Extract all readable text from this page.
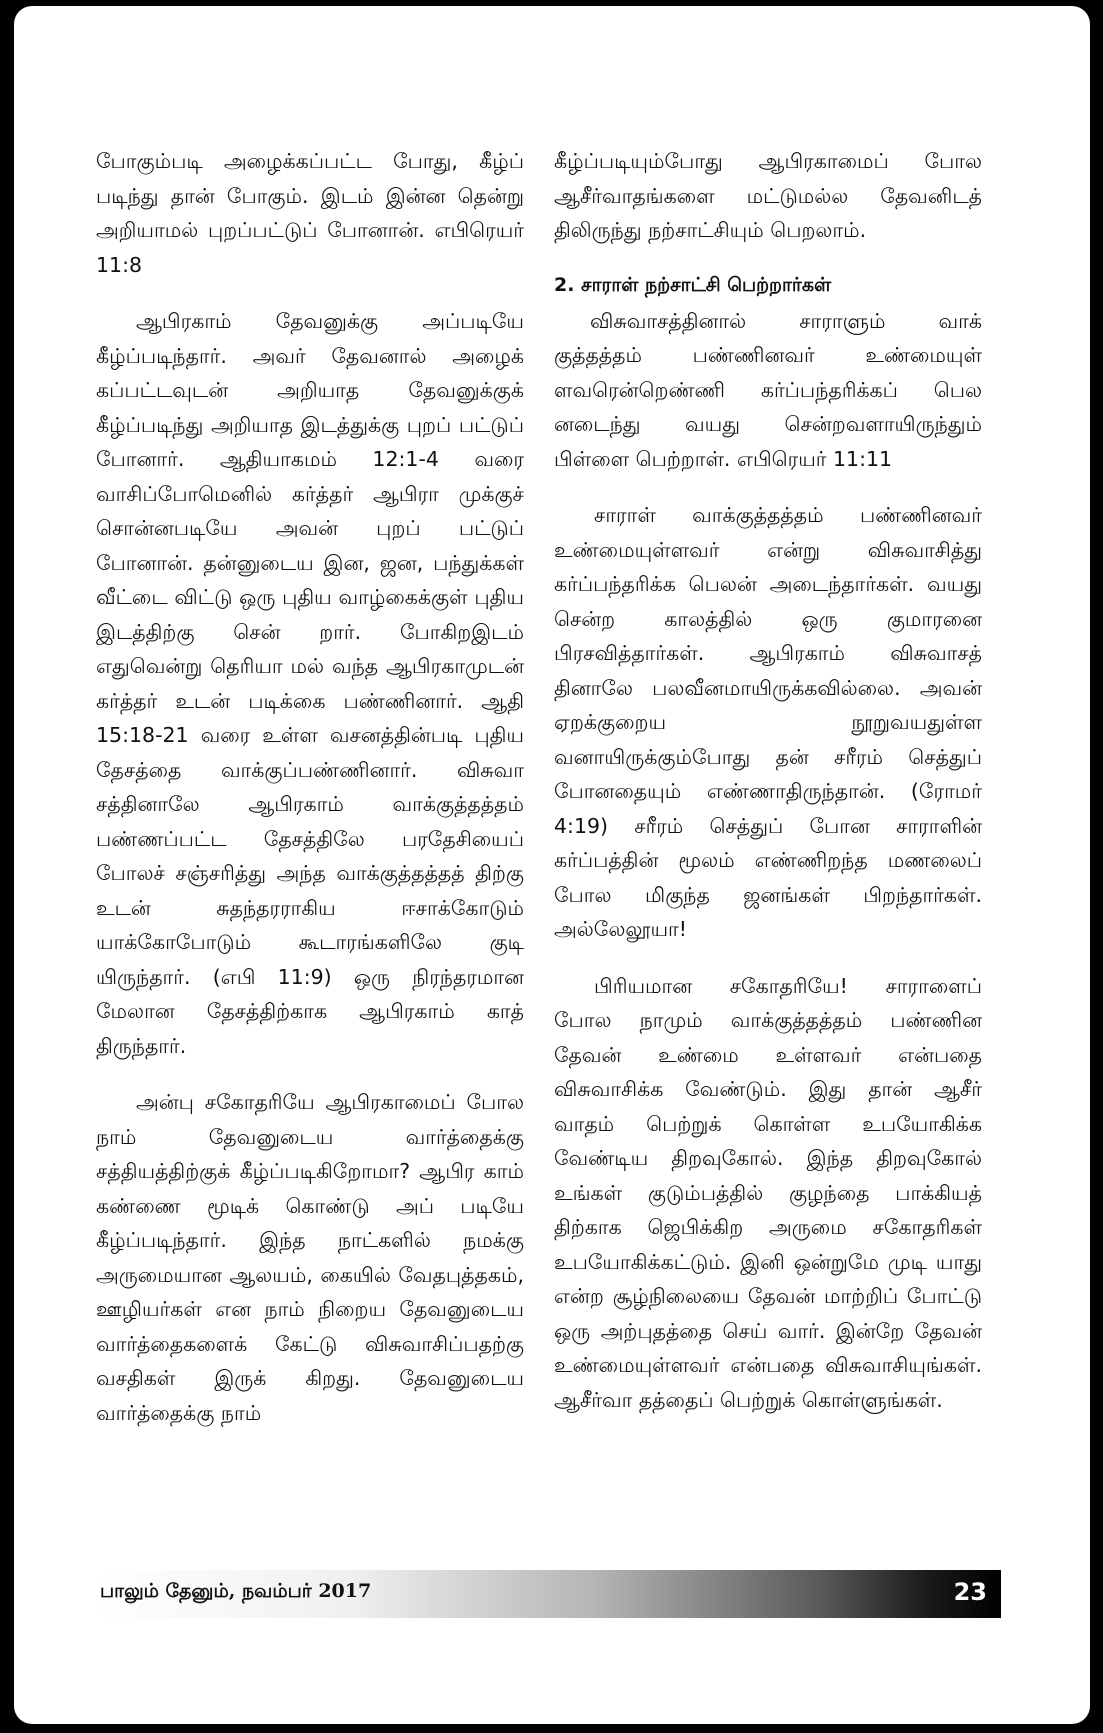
போகும்படி அழைக்கப்பட்ட போது, கீழ்ப் படிந்து தான் போகும். இடம் இன்ன தென்று அறியாமல் புறப்பட்டுப் போனான். எபிரெயர் 11:8

ஆபிரகாம் தேவனுக்கு அப்படியே கீழ்ப்படிந்தார். அவர் தேவனால் அழைக் கப்பட்டவுடன் அறியாத தேவனுக்குக் கீழ்ப்படிந்து அறியாத இடத்துக்கு புறப் பட்டுப் போனார். ஆதியாகமம் 12:1-4 வரை வாசிப்போமெனில் கர்த்தர் ஆபிரா முக்குச் சொன்னபடியே அவன் புறப் பட்டுப் போனான். தன்னுடைய இன, ஜன, பந்துக்கள் வீட்டை விட்டு ஒரு புதிய வாழ்கைக்குள் புதிய இடத்திற்கு சென் றார். போகிறஇடம் எதுவென்று தெரியா மல் வந்த ஆபிரகாமுடன் கர்த்தர் உடன் படிக்கை பண்ணினார். ஆதி 15:18-21 வரை உள்ள வசனத்தின்படி புதிய தேசத்தை வாக்குப்பண்ணினார். விசுவா சத்தினாலே ஆபிரகாம் வாக்குத்தத்தம் பண்ணப்பட்ட தேசத்திலே பரதேசியைப் போலச் சஞ்சரித்து அந்த வாக்குத்தத்தத் திற்கு உடன் சுதந்தரராகிய ஈசாக்கோடும் யாக்கோபோடும் கூடாரங்களிலே குடி யிருந்தார். (எபி 11:9) ஒரு நிரந்தரமான மேலான தேசத்திற்காக ஆபிரகாம் காத் திருந்தார்.

அன்பு சகோதரியே ஆபிரகாமைப் போல நாம் தேவனுடைய வார்த்தைக்கு சத்தியத்திற்குக் கீழ்ப்படிகிறோமா? ஆபிர காம் கண்ணை மூடிக் கொண்டு அப் படியே கீழ்ப்படிந்தார். இந்த நாட்களில் நமக்கு அருமையான ஆலயம், கையில் வேதபுத்தகம், ஊழியர்கள் என நாம் நிறைய தேவனுடைய வார்த்தைகளைக் கேட்டு விசுவாசிப்பதற்கு வசதிகள் இருக் கிறது. தேவனுடைய வார்த்தைக்கு நாம்

கீழ்ப்படியும்போது ஆபிரகாமைப் போல ஆசீர்வாதங்களை மட்டுமல்ல தேவனிடத் திலிருந்து நற்சாட்சியும் பெறலாம்.

2. சாராள் நற்சாட்சி பெற்றார்கள்

விசுவாசத்தினால் சாராளும் வாக் குத்தத்தம் பண்ணினவர் உண்மையுள் ளவரென்றெண்ணி கர்ப்பந்தரிக்கப் பெல னடைந்து வயது சென்றவளாயிருந்தும் பிள்ளை பெற்றாள். எபிரெயர் 11:11

சாராள் வாக்குத்தத்தம் பண்ணினவர் உண்மையுள்ளவர் என்று விசுவாசித்து கர்ப்பந்தரிக்க பெலன் அடைந்தார்கள். வயது சென்ற காலத்தில் ஒரு குமாரனை பிரசவித்தார்கள். ஆபிரகாம் விசுவாசத் தினாலே பலவீனமாயிருக்கவில்லை. அவன் ஏறக்குறைய நூறுவயதுள்ள வனாயிருக்கும்போது தன் சரீரம் செத்துப் போனதையும் எண்ணாதிருந்தான். (ரோமர் 4:19) சரீரம் செத்துப் போன சாராளின் கர்ப்பத்தின் மூலம் எண்ணிறந்த மணலைப் போல மிகுந்த ஜனங்கள் பிறந்தார்கள். அல்லேலூயா!

பிரியமான சகோதரியே! சாராளைப் போல நாமும் வாக்குத்தத்தம் பண்ணின தேவன் உண்மை உள்ளவர் என்பதை விசுவாசிக்க வேண்டும். இது தான் ஆசீர் வாதம் பெற்றுக் கொள்ள உபயோகிக்க வேண்டிய திறவுகோல். இந்த திறவுகோல் உங்கள் குடும்பத்தில் குழந்தை பாக்கியத் திற்காக ஜெபிக்கிற அருமை சகோதரிகள் உபயோகிக்கட்டும். இனி ஒன்றுமே முடி யாது என்ற சூழ்நிலையை தேவன் மாற்றிப் போட்டு ஒரு அற்புதத்தை செய் வார். இன்றே தேவன் உண்மையுள்ளவர் என்பதை விசுவாசியுங்கள். ஆசீர்வா தத்தைப் பெற்றுக் கொள்ளுங்கள்.

பாலும் தேனும், நவம்பர் 2017	23
